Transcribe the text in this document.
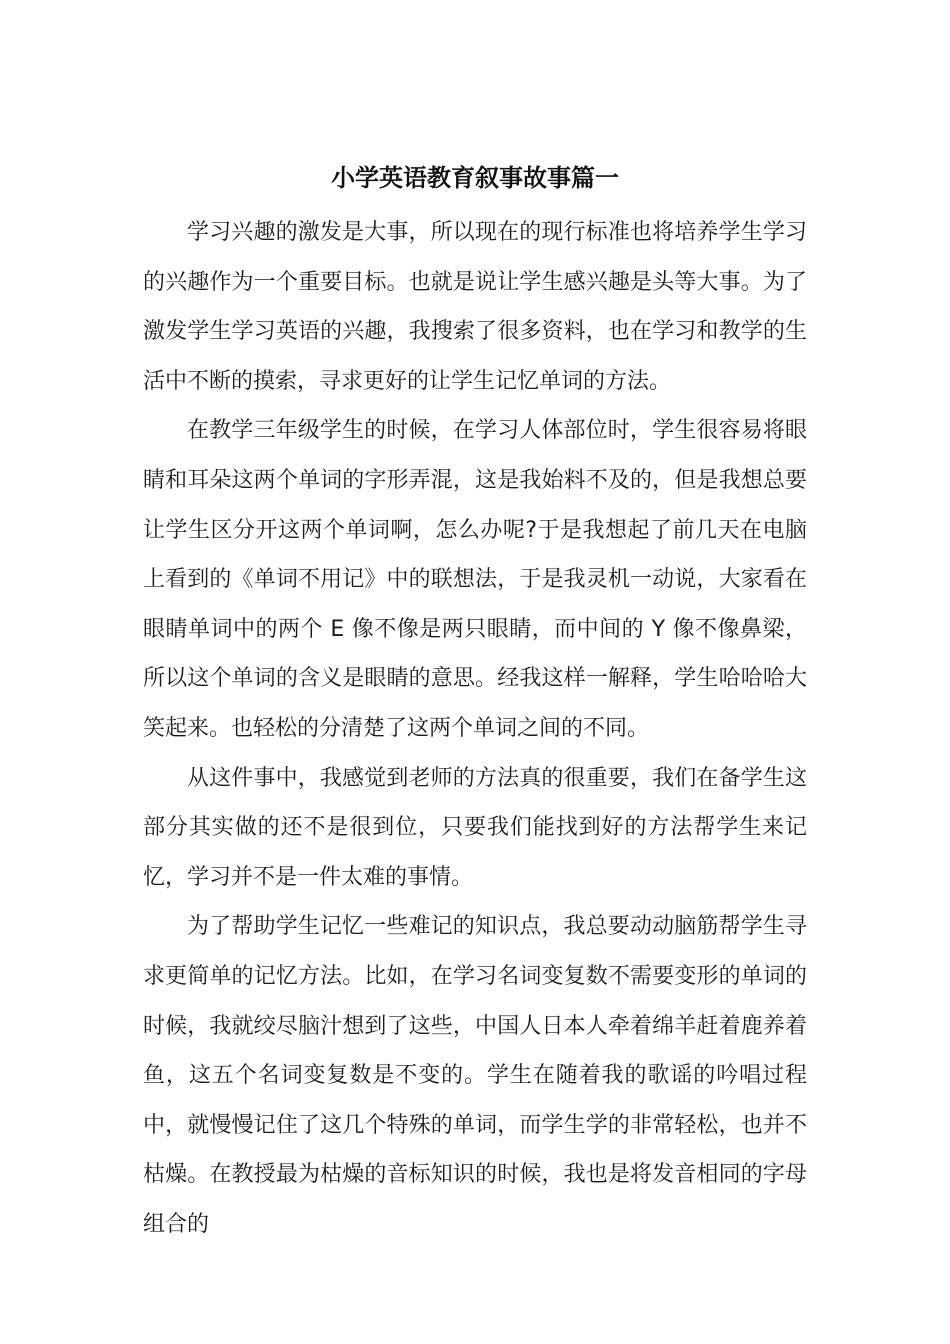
小学英语教育叙事故事篇一

学习兴趣的激发是大事，所以现在的现行标准也将培养学生学习的兴趣作为一个重要目标。也就是说让学生感兴趣是头等大事。为了激发学生学习英语的兴趣，我搜索了很多资料，也在学习和教学的生活中不断的摸索，寻求更好的让学生记忆单词的方法。

在教学三年级学生的时候，在学习人体部位时，学生很容易将眼睛和耳朵这两个单词的字形弄混，这是我始料不及的，但是我想总要让学生区分开这两个单词啊，怎么办呢?于是我想起了前几天在电脑上看到的《单词不用记》中的联想法，于是我灵机一动说，大家看在眼睛单词中的两个 E 像不像是两只眼睛，而中间的 Y 像不像鼻梁，所以这个单词的含义是眼睛的意思。经我这样一解释，学生哈哈哈大笑起来。也轻松的分清楚了这两个单词之间的不同。

从这件事中，我感觉到老师的方法真的很重要，我们在备学生这部分其实做的还不是很到位，只要我们能找到好的方法帮学生来记忆，学习并不是一件太难的事情。

为了帮助学生记忆一些难记的知识点，我总要动动脑筋帮学生寻求更简单的记忆方法。比如，在学习名词变复数不需要变形的单词的时候，我就绞尽脑汁想到了这些，中国人日本人牵着绵羊赶着鹿养着鱼，这五个名词变复数是不变的。学生在随着我的歌谣的吟唱过程中，就慢慢记住了这几个特殊的单词，而学生学的非常轻松，也并不枯燥。在教授最为枯燥的音标知识的时候，我也是将发音相同的字母组合的
